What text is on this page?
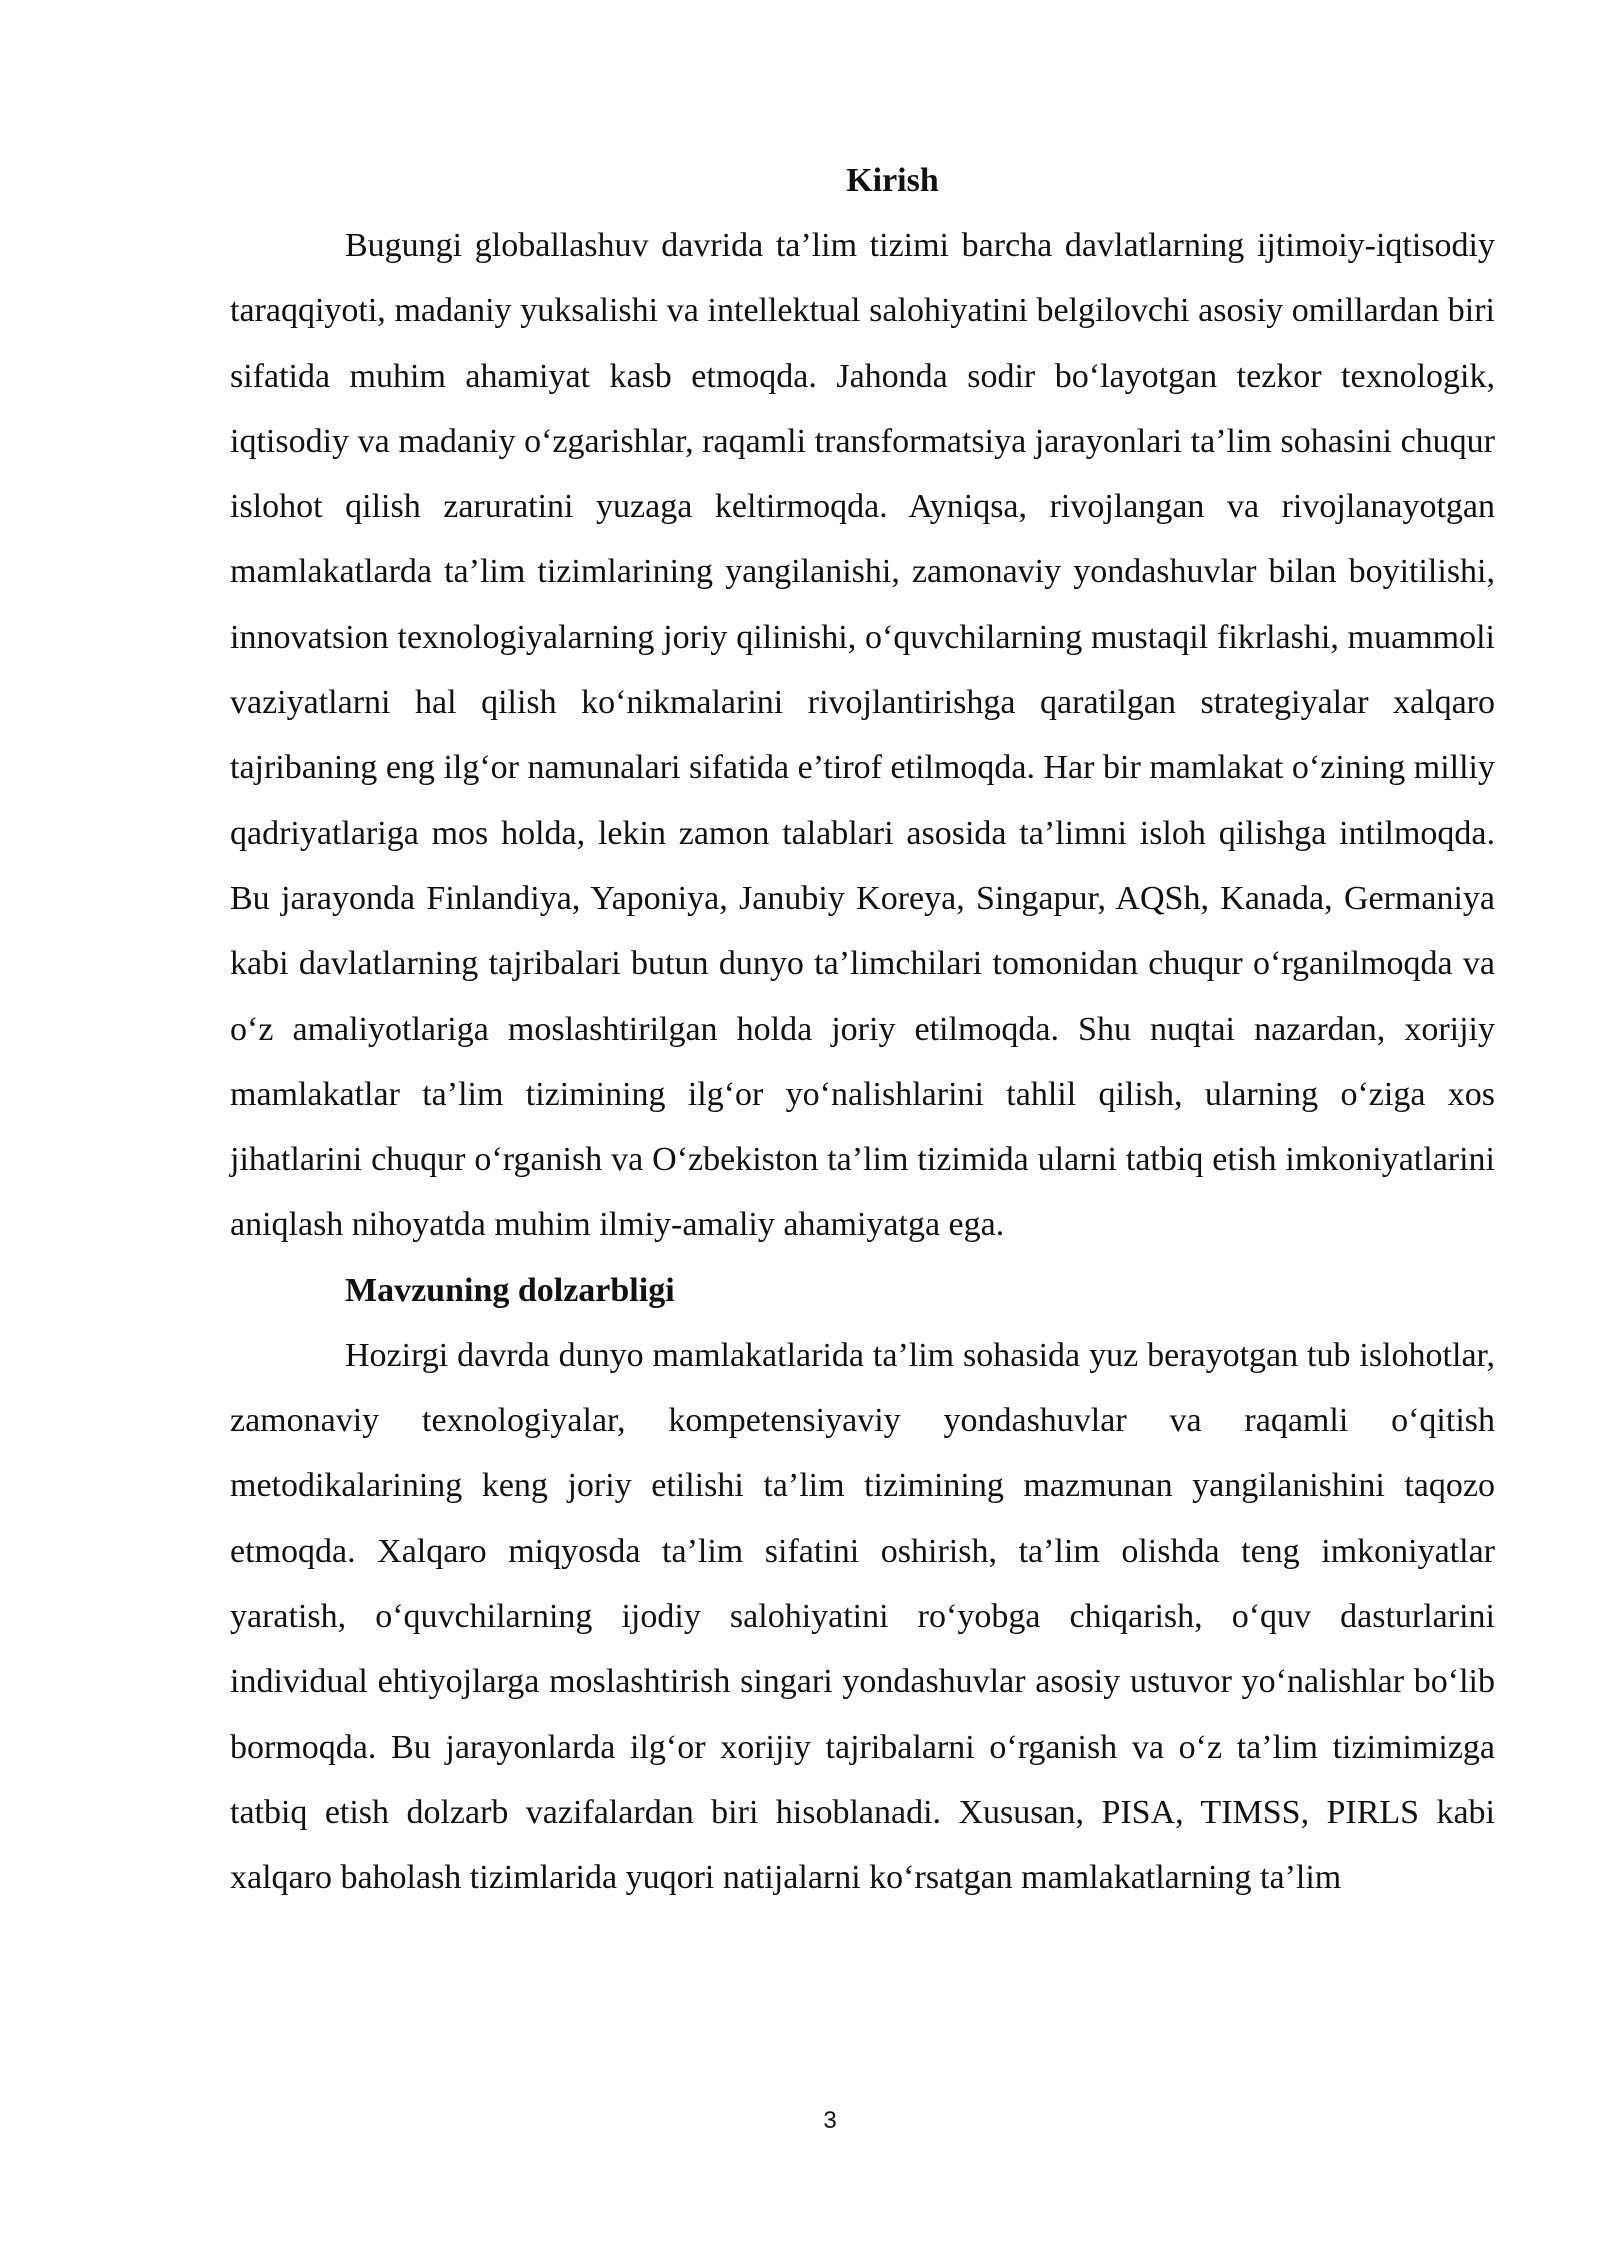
Kirish

Bugungi globallashuv davrida ta’lim tizimi barcha davlatlarning ijtimoiy-iqtisodiy taraqqiyoti, madaniy yuksalishi va intellektual salohiyatini belgilovchi asosiy omillardan biri sifatida muhim ahamiyat kasb etmoqda. Jahonda sodir bo‘layotgan tezkor texnologik, iqtisodiy va madaniy o‘zgarishlar, raqamli transformatsiya jarayonlari ta’lim sohasini chuqur islohot qilish zaruratini yuzaga keltirmoqda. Ayniqsa, rivojlangan va rivojlanayotgan mamlakatlarda ta’lim tizimlarining yangilanishi, zamonaviy yondashuvlar bilan boyitilishi, innovatsion texnologiyalarning joriy qilinishi, o‘quvchilarning mustaqil fikrlashi, muammoli vaziyatlarni hal qilish ko‘nikmalarini rivojlantirishga qaratilgan strategiyalar xalqaro tajribaning eng ilg‘or namunalari sifatida e’tirof etilmoqda. Har bir mamlakat o‘zining milliy qadriyatlariga mos holda, lekin zamon talablari asosida ta’limni isloh qilishga intilmoqda. Bu jarayonda Finlandiya, Yaponiya, Janubiy Koreya, Singapur, AQSh, Kanada, Germaniya kabi davlatlarning tajribalari butun dunyo ta’limchilari tomonidan chuqur o‘rganilmoqda va o‘z amaliyotlariga moslashtirilgan holda joriy etilmoqda. Shu nuqtai nazardan, xorijiy mamlakatlar ta’lim tizimining ilg‘or yo‘nalishlarini tahlil qilish, ularning o‘ziga xos jihatlarini chuqur o‘rganish va O‘zbekiston ta’lim tizimida ularni tatbiq etish imkoniyatlarini aniqlash nihoyatda muhim ilmiy-amaliy ahamiyatga ega.

Mavzuning dolzarbligi

Hozirgi davrda dunyo mamlakatlarida ta’lim sohasida yuz berayotgan tub islohotlar, zamonaviy texnologiyalar, kompetensiyaviy yondashuvlar va raqamli o‘qitish metodikalarining keng joriy etilishi ta’lim tizimining mazmunan yangilanishini taqozo etmoqda. Xalqaro miqyosda ta’lim sifatini oshirish, ta’lim olishda teng imkoniyatlar yaratish, o‘quvchilarning ijodiy salohiyatini ro‘yobga chiqarish, o‘quv dasturlarini individual ehtiyojlarga moslashtirish singari yondashuvlar asosiy ustuvor yo‘nalishlar bo‘lib bormoqda. Bu jarayonlarda ilg‘or xorijiy tajribalarni o‘rganish va o‘z ta’lim tizimimizga tatbiq etish dolzarb vazifalardan biri hisoblanadi. Xususan, PISA, TIMSS, PIRLS kabi xalqaro baholash tizimlarida yuqori natijalarni ko‘rsatgan mamlakatlarning ta’lim

3
